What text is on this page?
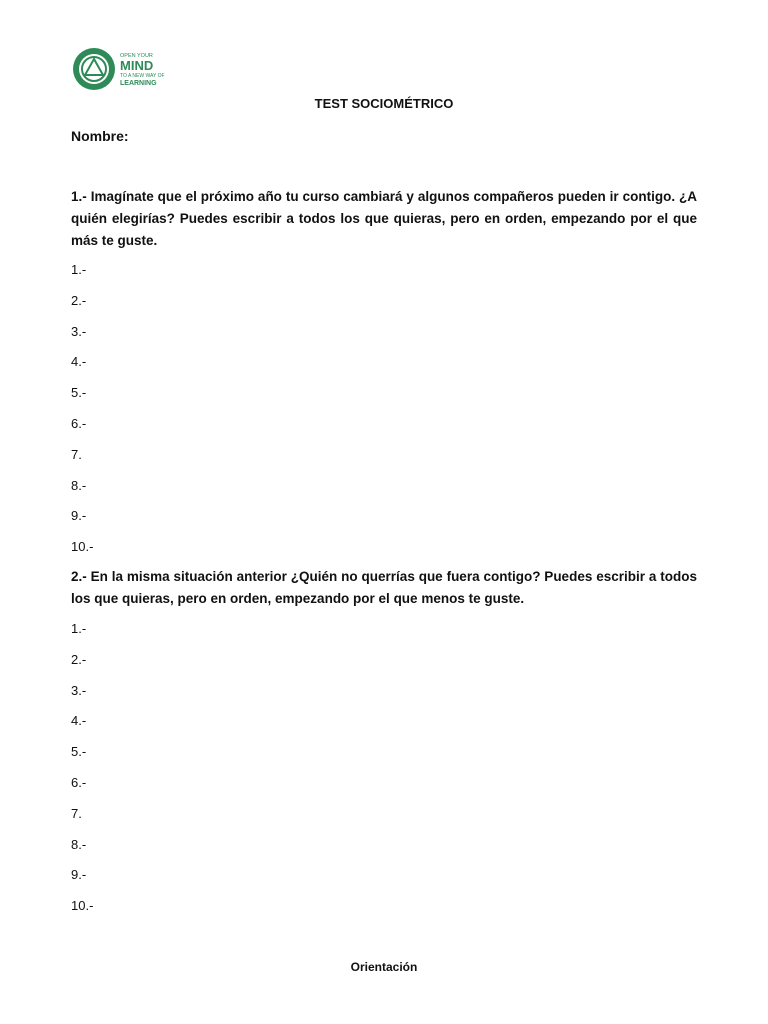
OPEN YOUR
MIND
TO A NEW WAY OF
LEARNING
TEST SOCIOMÉTRICO
Nombre:
1.- Imagínate que el próximo año tu curso cambiará y algunos compañeros pueden ir contigo. ¿A quién elegirías? Puedes escribir a todos los que quieras, pero en orden, empezando por el que más te guste.
1.-
2.-
3.-
4.-
5.-
6.-
7.
8.-
9.-
10.-
2.- En la misma situación anterior ¿Quién no querrías que fuera contigo? Puedes escribir a todos los que quieras, pero en orden, empezando por el que menos te guste.
1.-
2.-
3.-
4.-
5.-
6.-
7.
8.-
9.-
10.-
Orientación
